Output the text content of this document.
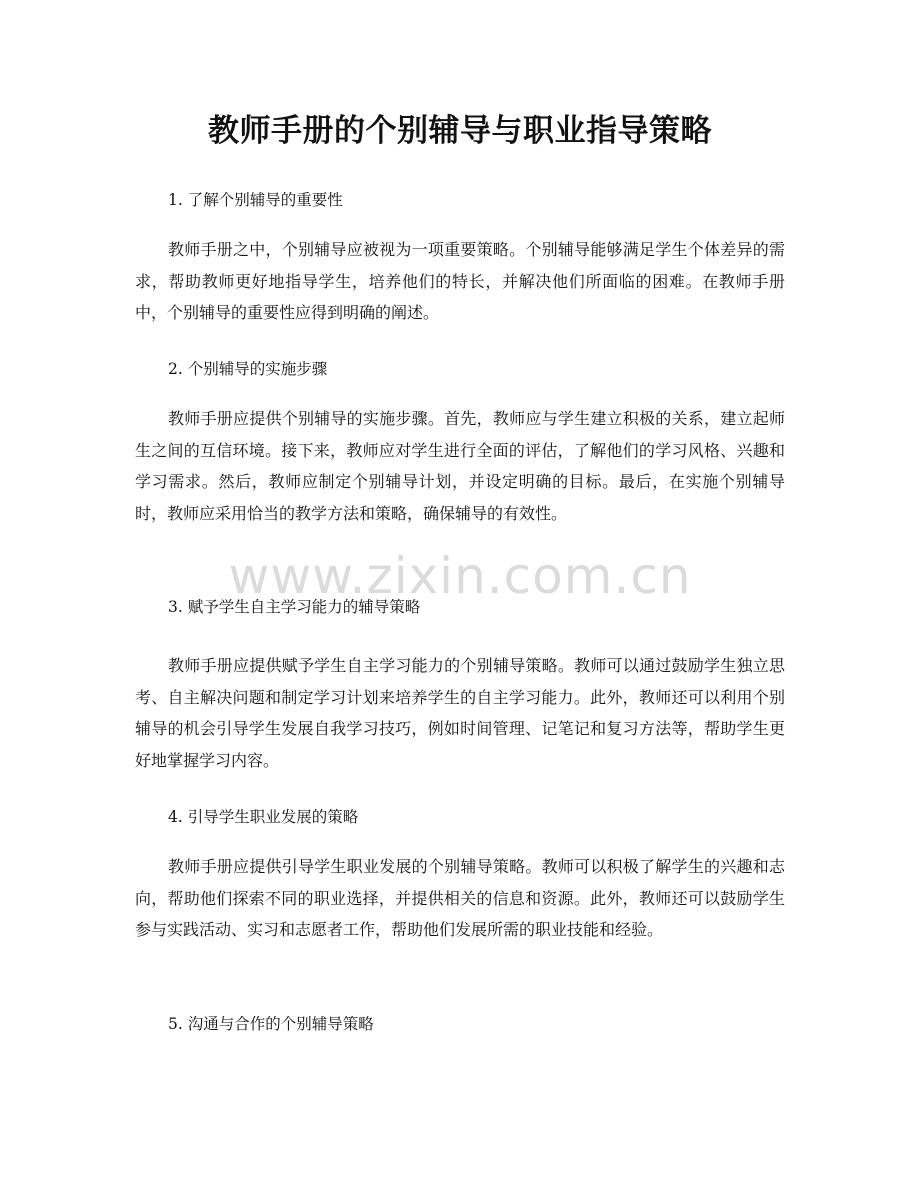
教师手册的个别辅导与职业指导策略

1. 了解个别辅导的重要性

教师手册之中，个别辅导应被视为一项重要策略。个别辅导能够满足学生个体差异的需求，帮助教师更好地指导学生，培养他们的特长，并解决他们所面临的困难。在教师手册中，个别辅导的重要性应得到明确的阐述。

2. 个别辅导的实施步骤

教师手册应提供个别辅导的实施步骤。首先，教师应与学生建立积极的关系，建立起师生之间的互信环境。接下来，教师应对学生进行全面的评估，了解他们的学习风格、兴趣和学习需求。然后，教师应制定个别辅导计划，并设定明确的目标。最后，在实施个别辅导时，教师应采用恰当的教学方法和策略，确保辅导的有效性。

3. 赋予学生自主学习能力的辅导策略

教师手册应提供赋予学生自主学习能力的个别辅导策略。教师可以通过鼓励学生独立思考、自主解决问题和制定学习计划来培养学生的自主学习能力。此外，教师还可以利用个别辅导的机会引导学生发展自我学习技巧，例如时间管理、记笔记和复习方法等，帮助学生更好地掌握学习内容。

4. 引导学生职业发展的策略

教师手册应提供引导学生职业发展的个别辅导策略。教师可以积极了解学生的兴趣和志向，帮助他们探索不同的职业选择，并提供相关的信息和资源。此外，教师还可以鼓励学生参与实践活动、实习和志愿者工作，帮助他们发展所需的职业技能和经验。

5. 沟通与合作的个别辅导策略

www.zixin.com.cn
